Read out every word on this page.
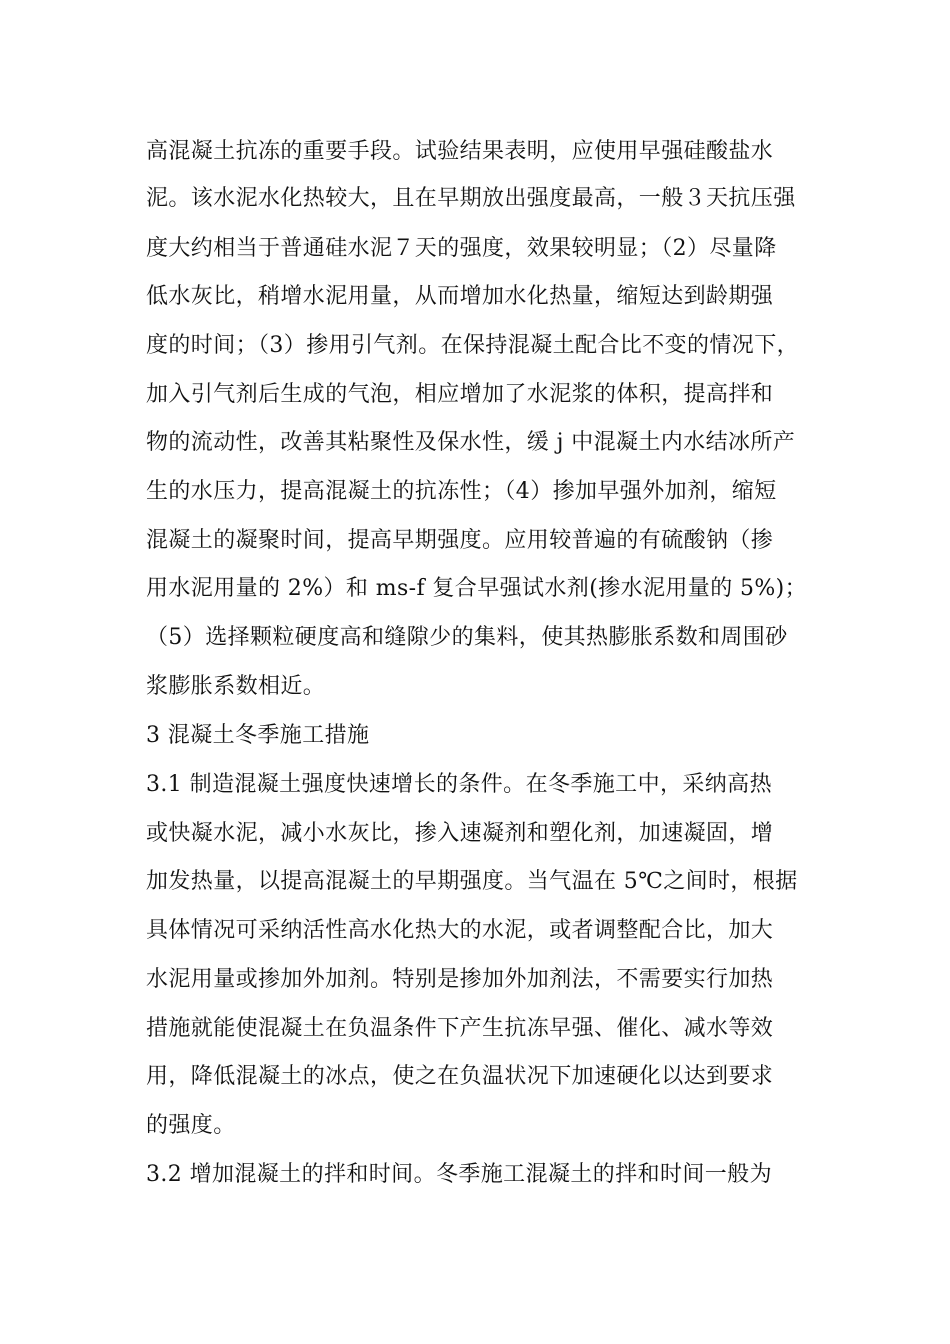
高混凝土抗冻的重要手段。试验结果表明，应使用早强硅酸盐水
泥。该水泥水化热较大，且在早期放出强度最高，一般３天抗压强
度大约相当于普通硅水泥７天的强度，效果较明显；（2）尽量降
低水灰比，稍增水泥用量，从而增加水化热量，缩短达到龄期强
度的时间；（3）掺用引气剂。在保持混凝土配合比不变的情况下，
加入引气剂后生成的气泡，相应增加了水泥浆的体积，提高拌和
物的流动性，改善其粘聚性及保水性，缓 j 中混凝土内水结冰所产
生的水压力，提高混凝土的抗冻性；（4）掺加早强外加剂，缩短
混凝土的凝聚时间，提高早期强度。应用较普遍的有硫酸钠（掺
用水泥用量的 2%）和 ms-f 复合早强试水剂(掺水泥用量的 5%)；
（5）选择颗粒硬度高和缝隙少的集料，使其热膨胀系数和周围砂
浆膨胀系数相近。
3 混凝土冬季施工措施
3.1 制造混凝土强度快速增长的条件。在冬季施工中，采纳高热
或快凝水泥，减小水灰比，掺入速凝剂和塑化剂，加速凝固，增
加发热量，以提高混凝土的早期强度。当气温在 5℃之间时，根据
具体情况可采纳活性高水化热大的水泥，或者调整配合比，加大
水泥用量或掺加外加剂。特别是掺加外加剂法，不需要实行加热
措施就能使混凝土在负温条件下产生抗冻早强、催化、减水等效
用，降低混凝土的冰点，使之在负温状况下加速硬化以达到要求
的强度。
3.2 增加混凝土的拌和时间。冬季施工混凝土的拌和时间一般为
